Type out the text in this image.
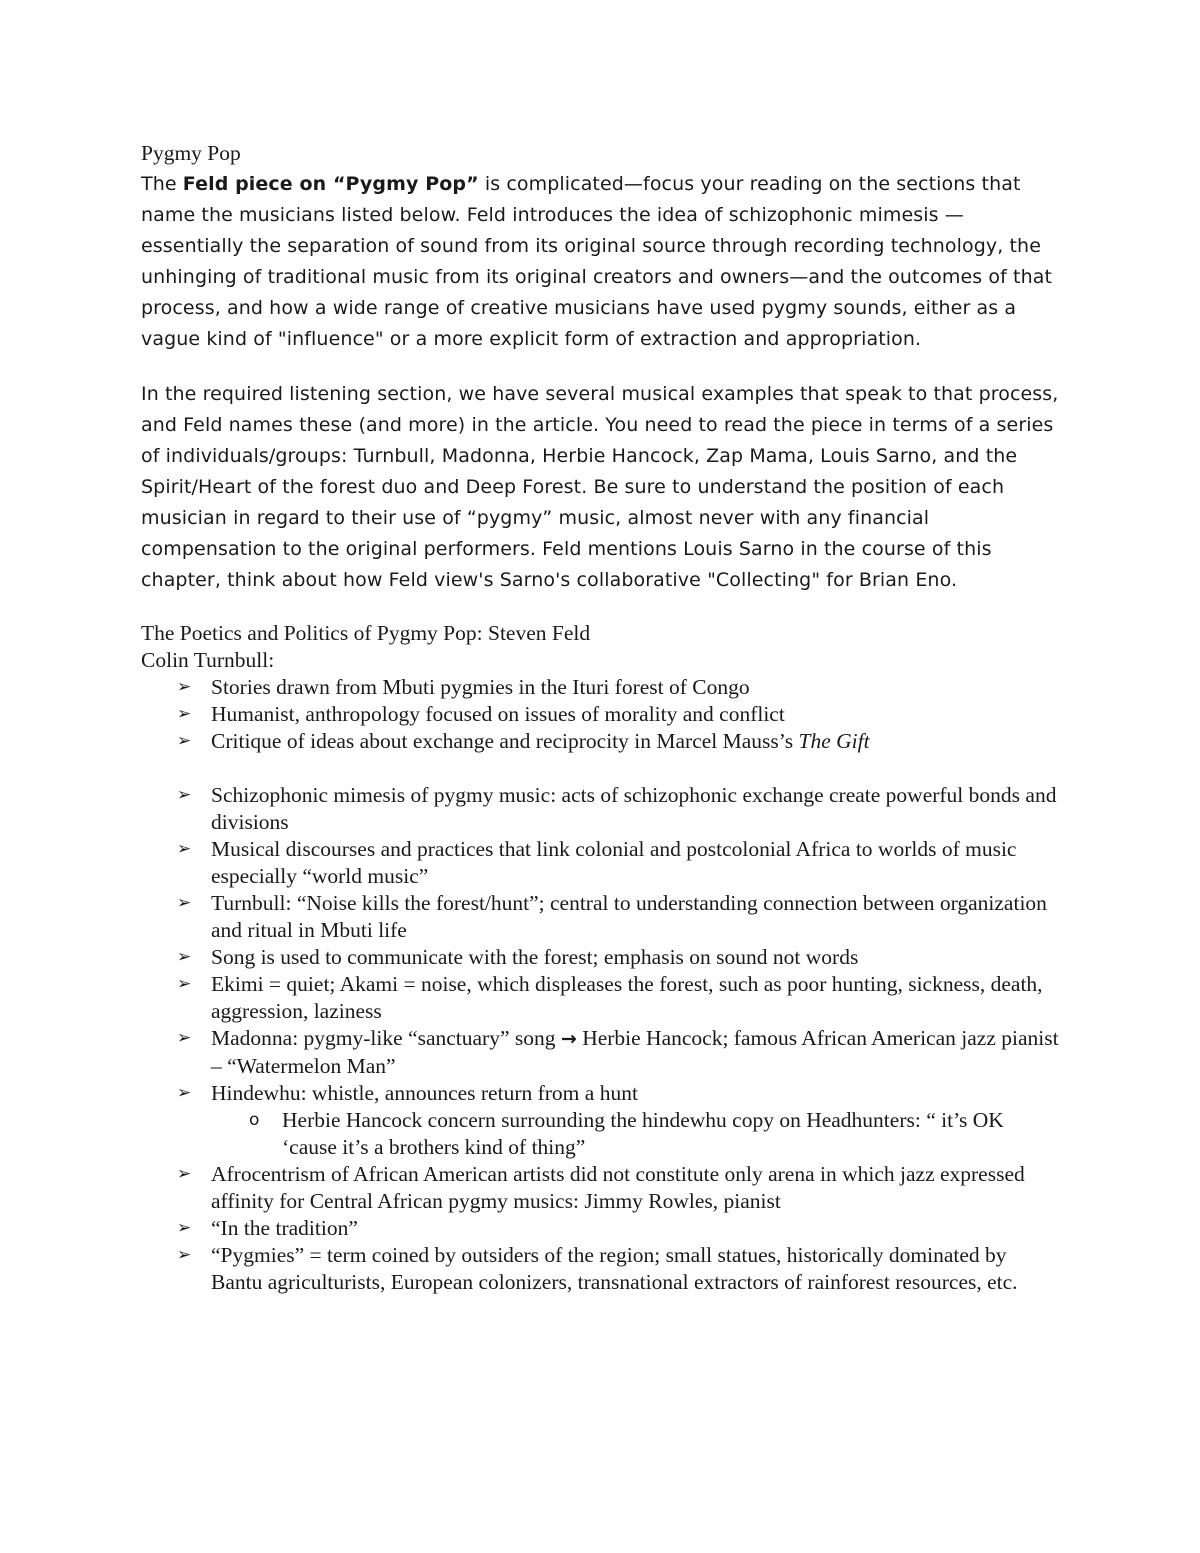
Pygmy Pop

The Feld piece on “Pygmy Pop” is complicated—focus your reading on the sections that name the musicians listed below. Feld introduces the idea of schizophonic mimesis —essentially the separation of sound from its original source through recording technology, the unhinging of traditional music from its original creators and owners—and the outcomes of that process, and how a wide range of creative musicians have used pygmy sounds, either as a vague kind of "influence" or a more explicit form of extraction and appropriation.

In the required listening section, we have several musical examples that speak to that process, and Feld names these (and more) in the article. You need to read the piece in terms of a series of individuals/groups: Turnbull, Madonna, Herbie Hancock, Zap Mama, Louis Sarno, and the Spirit/Heart of the forest duo and Deep Forest. Be sure to understand the position of each musician in regard to their use of “pygmy” music, almost never with any financial compensation to the original performers. Feld mentions Louis Sarno in the course of this chapter, think about how Feld view's Sarno's collaborative "Collecting" for Brian Eno.

The Poetics and Politics of Pygmy Pop: Steven Feld

Colin Turnbull:

➢ Stories drawn from Mbuti pygmies in the Ituri forest of Congo
➢ Humanist, anthropology focused on issues of morality and conflict
➢ Critique of ideas about exchange and reciprocity in Marcel Mauss’s The Gift
➢ Schizophonic mimesis of pygmy music: acts of schizophonic exchange create powerful bonds and divisions
➢ Musical discourses and practices that link colonial and postcolonial Africa to worlds of music especially “world music”
➢ Turnbull: “Noise kills the forest/hunt”; central to understanding connection between organization and ritual in Mbuti life
➢ Song is used to communicate with the forest; emphasis on sound not words
➢ Ekimi = quiet; Akami = noise, which displeases the forest, such as poor hunting, sickness, death, aggression, laziness
➢ Madonna: pygmy-like “sanctuary” song → Herbie Hancock; famous African American jazz pianist – “Watermelon Man”
➢ Hindewhu: whistle, announces return from a hunt
o Herbie Hancock concern surrounding the hindewhu copy on Headhunters: “ it’s OK ‘cause it’s a brothers kind of thing”
➢ Afrocentrism of African American artists did not constitute only arena in which jazz expressed affinity for Central African pygmy musics: Jimmy Rowles, pianist
➢ “In the tradition”
➢ “Pygmies” = term coined by outsiders of the region; small statues, historically dominated by Bantu agriculturists, European colonizers, transnational extractors of rainforest resources, etc.
